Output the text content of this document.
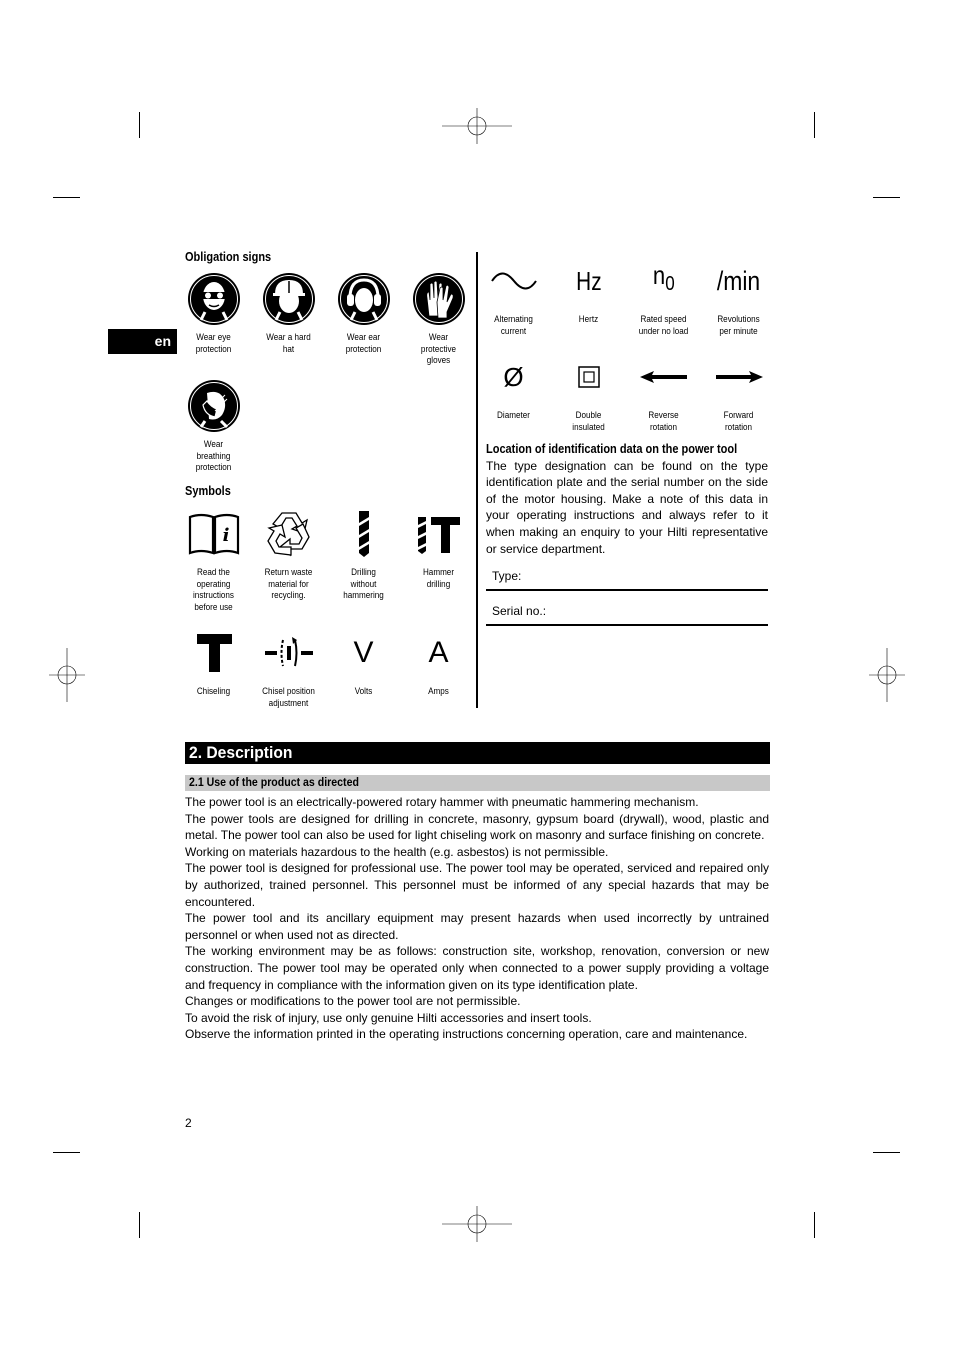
en
Obligation signs
Wear eye
protection
Wear a hard
hat
Wear ear
protection
Wear
protective
gloves
Wear
breathing
protection
Symbols
i
Read the
operating
instructions
before use
Return waste
material for
recycling.
Drilling
without
hammering
Hammer
drilling
Chiseling	Chisel position
adjustment
V
Volts
A
Amps
Alternating
current
Hz
Hertz
n0
Rated speed
under no load
/min
Revolutions
per minute
Ø
Diameter	Double
insulated
Reverse
rotation
Forward
rotation
Location of identification data on the power tool
The type designation can be found on the type identification plate and the serial number on the side of the motor housing. Make a note of this data in your operating instructions and always refer to it when making an enquiry to your Hilti representative or service department.
Type:
Serial no.:
2. Description
2.1 Use of the product as directed

The power tool is an electrically-powered rotary hammer with pneumatic hammering mechanism.

The power tools are designed for drilling in concrete, masonry, gypsum board (drywall), wood, plastic and metal. The power tool can also be used for light chiseling work on masonry and surface finishing on concrete.

Working on materials hazardous to the health (e.g. asbestos) is not permissible.

The power tool is designed for professional use. The power tool may be operated, serviced and repaired only by authorized, trained personnel. This personnel must be informed of any special hazards that may be encountered.

The power tool and its ancillary equipment may present hazards when used incorrectly by untrained personnel or when used not as directed.

The working environment may be as follows: construction site, workshop, renovation, conversion or new construction. The power tool may be operated only when connected to a power supply providing a voltage and frequency in compliance with the information given on its type identification plate.

Changes or modifications to the power tool are not permissible.

To avoid the risk of injury, use only genuine Hilti accessories and insert tools.

Observe the information printed in the operating instructions concerning operation, care and maintenance.

2
